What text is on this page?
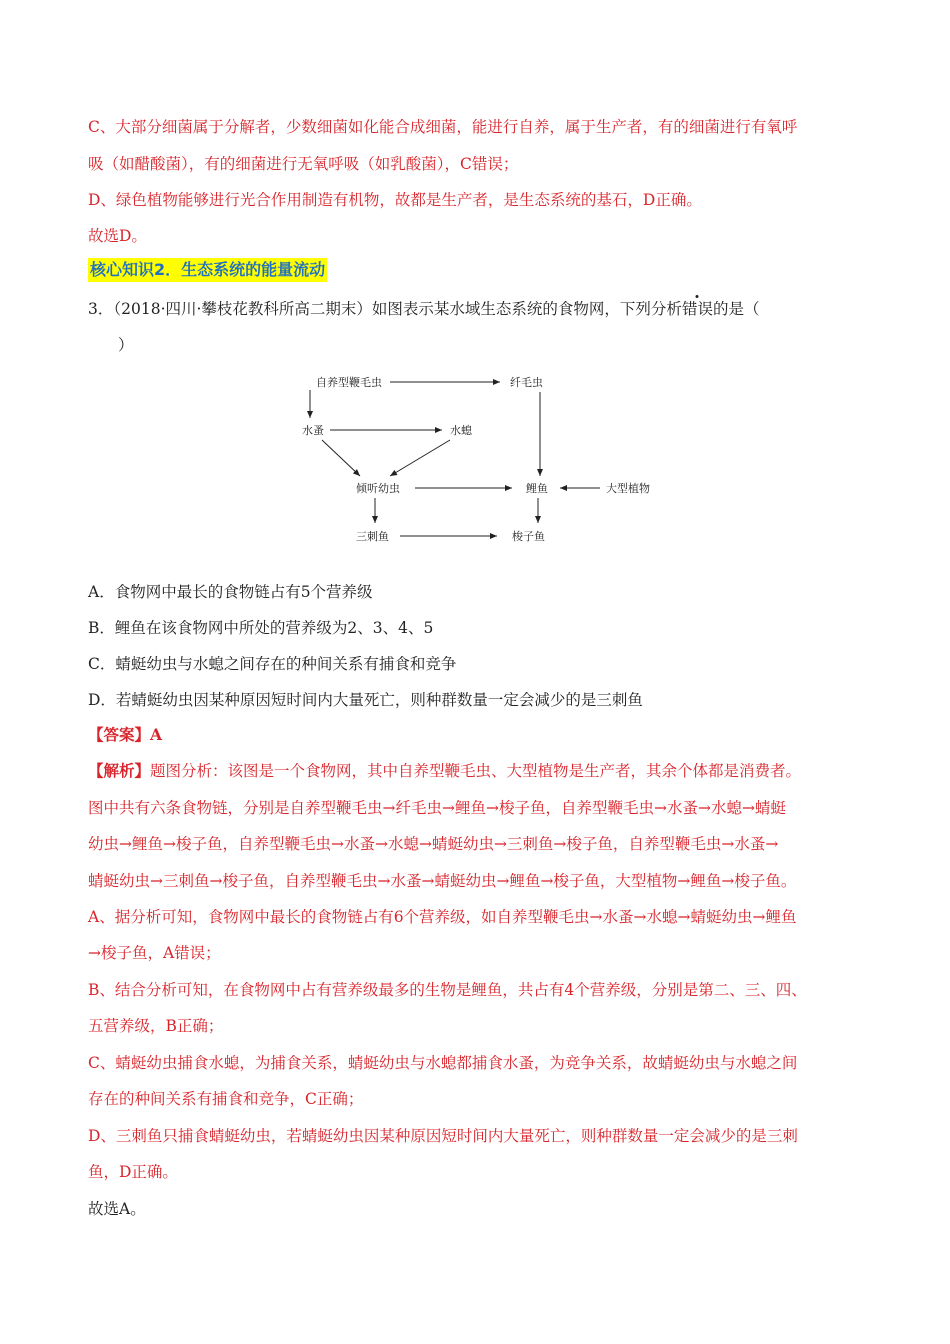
C、大部分细菌属于分解者，少数细菌如化能合成细菌，能进行自养，属于生产者，有的细菌进行有氧呼
吸（如醋酸菌），有的细菌进行无氧呼吸（如乳酸菌），C错误；
D、绿色植物能够进行光合作用制造有机物，故都是生产者，是生态系统的基石，D正确。
故选D。
核心知识2．生态系统的能量流动
3．（2018·四川·攀枝花教科所高二期末）如图表示某水域生态系统的食物网，下列分析错误的是（
）
自养型鞭毛虫	纤毛虫
水蚤	水螅
倾听幼虫	鲤鱼	大型植物
三刺鱼	梭子鱼
A．食物网中最长的食物链占有5个营养级
B．鲤鱼在该食物网中所处的营养级为2、3、4、5
C．蜻蜓幼虫与水螅之间存在的种间关系有捕食和竞争
D．若蜻蜓幼虫因某种原因短时间内大量死亡，则种群数量一定会减少的是三刺鱼
【答案】A
【解析】题图分析：该图是一个食物网，其中自养型鞭毛虫、大型植物是生产者，其余个体都是消费者。
图中共有六条食物链，分别是自养型鞭毛虫→纤毛虫→鲤鱼→梭子鱼，自养型鞭毛虫→水蚤→水螅→蜻蜓
幼虫→鲤鱼→梭子鱼，自养型鞭毛虫→水蚤→水螅→蜻蜓幼虫→三刺鱼→梭子鱼，自养型鞭毛虫→水蚤→
蜻蜓幼虫→三刺鱼→梭子鱼，自养型鞭毛虫→水蚤→蜻蜓幼虫→鲤鱼→梭子鱼，大型植物→鲤鱼→梭子鱼。
A、据分析可知，食物网中最长的食物链占有6个营养级，如自养型鞭毛虫→水蚤→水螅→蜻蜓幼虫→鲤鱼
→梭子鱼，A错误；
B、结合分析可知，在食物网中占有营养级最多的生物是鲤鱼，共占有4个营养级，分别是第二、三、四、
五营养级，B正确；
C、蜻蜓幼虫捕食水螅，为捕食关系，蜻蜓幼虫与水螅都捕食水蚤，为竞争关系，故蜻蜓幼虫与水螅之间
存在的种间关系有捕食和竞争，C正确；
D、三刺鱼只捕食蜻蜓幼虫，若蜻蜓幼虫因某种原因短时间内大量死亡，则种群数量一定会减少的是三刺
鱼，D正确。
故选A。
